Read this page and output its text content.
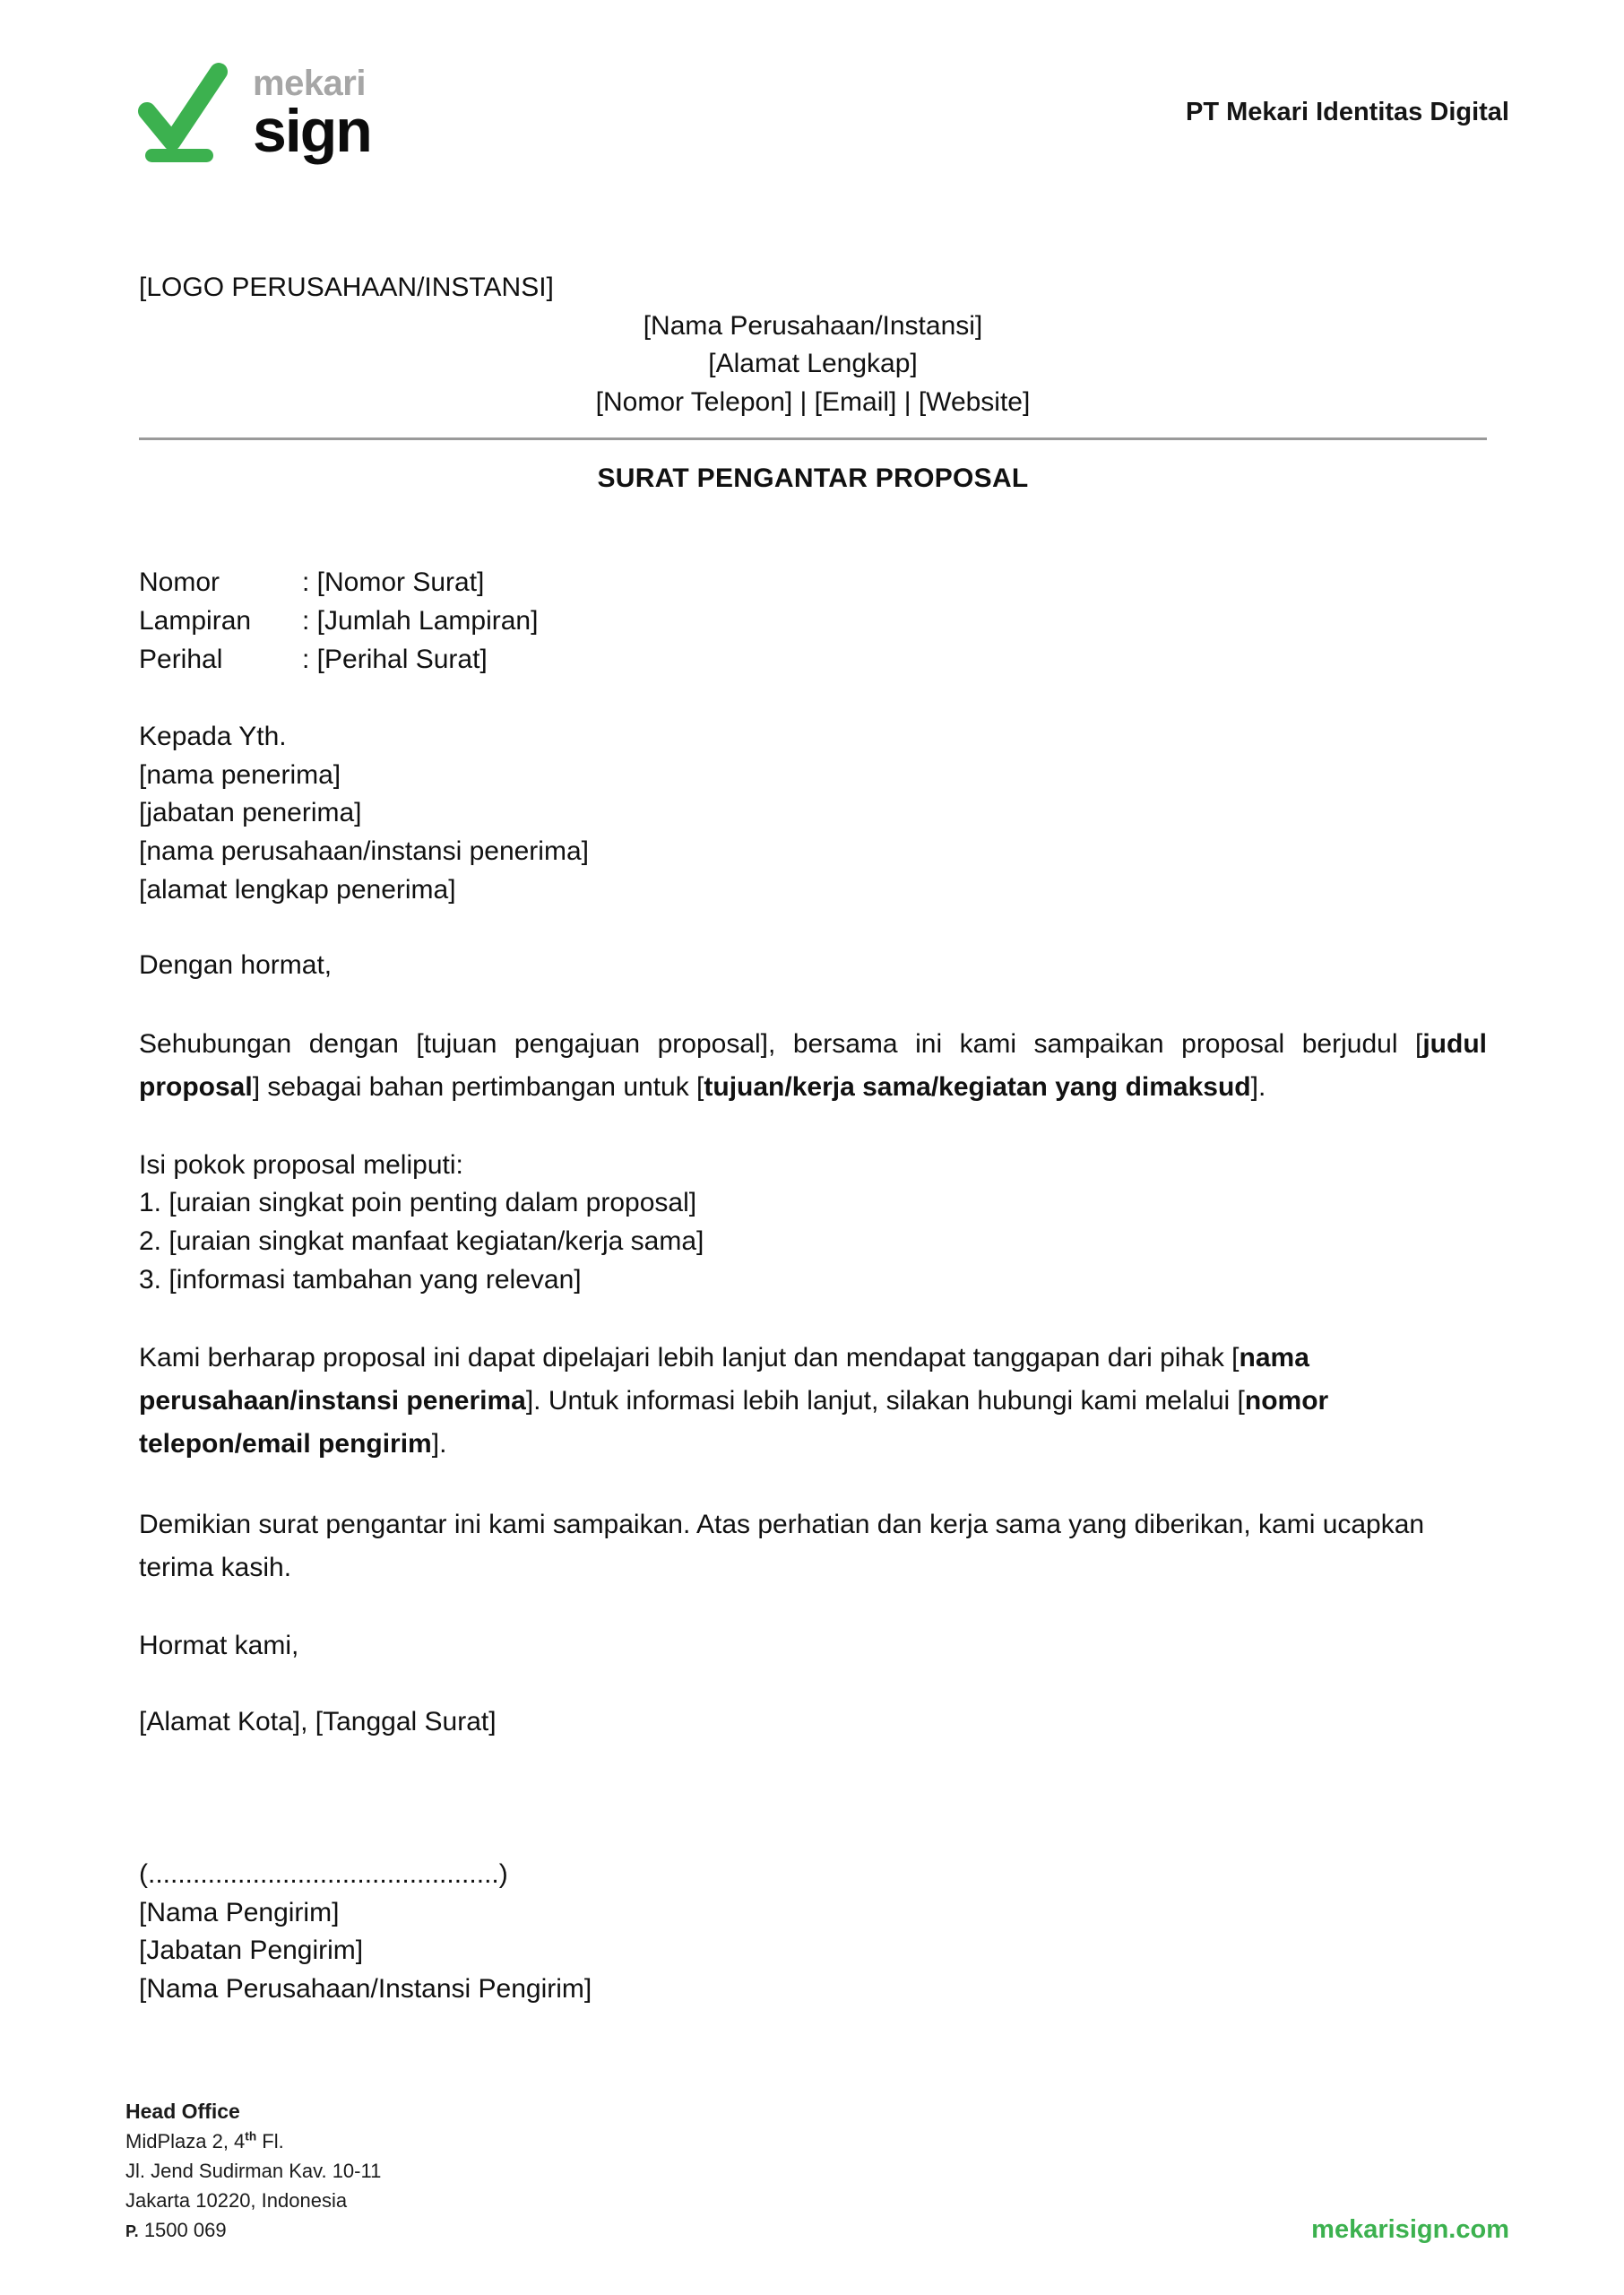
mekari
sign	PT Mekari Identitas Digital
[LOGO PERUSAHAAN/INSTANSI]
[Nama Perusahaan/Instansi]
[Alamat Lengkap]
[Nomor Telepon] | [Email] | [Website]
SURAT PENGANTAR PROPOSAL
Nomor	: [Nomor Surat]
Lampiran	: [Jumlah Lampiran]
Perihal	: [Perihal Surat]
Kepada Yth.
[nama penerima]
[jabatan penerima]
[nama perusahaan/instansi penerima]
[alamat lengkap penerima]
Dengan hormat,

Sehubungan dengan [tujuan pengajuan proposal], bersama ini kami sampaikan proposal berjudul [judul proposal] sebagai bahan pertimbangan untuk [tujuan/kerja sama/kegiatan yang dimaksud].

Isi pokok proposal meliputi:
1. [uraian singkat poin penting dalam proposal]
2. [uraian singkat manfaat kegiatan/kerja sama]
3. [informasi tambahan yang relevan]

Kami berharap proposal ini dapat dipelajari lebih lanjut dan mendapat tanggapan dari pihak [nama perusahaan/instansi penerima]. Untuk informasi lebih lanjut, silakan hubungi kami melalui [nomor telepon/email pengirim].

Demikian surat pengantar ini kami sampaikan. Atas perhatian dan kerja sama yang diberikan, kami ucapkan terima kasih.

Hormat kami,
[Alamat Kota], [Tanggal Surat]
(...............................................)
[Nama Pengirim]
[Jabatan Pengirim]
[Nama Perusahaan/Instansi Pengirim]
Head Office
MidPlaza 2, 4th Fl.
Jl. Jend Sudirman Kav. 10-11
Jakarta 10220, Indonesia
P. 1500 069	mekarisign.com
